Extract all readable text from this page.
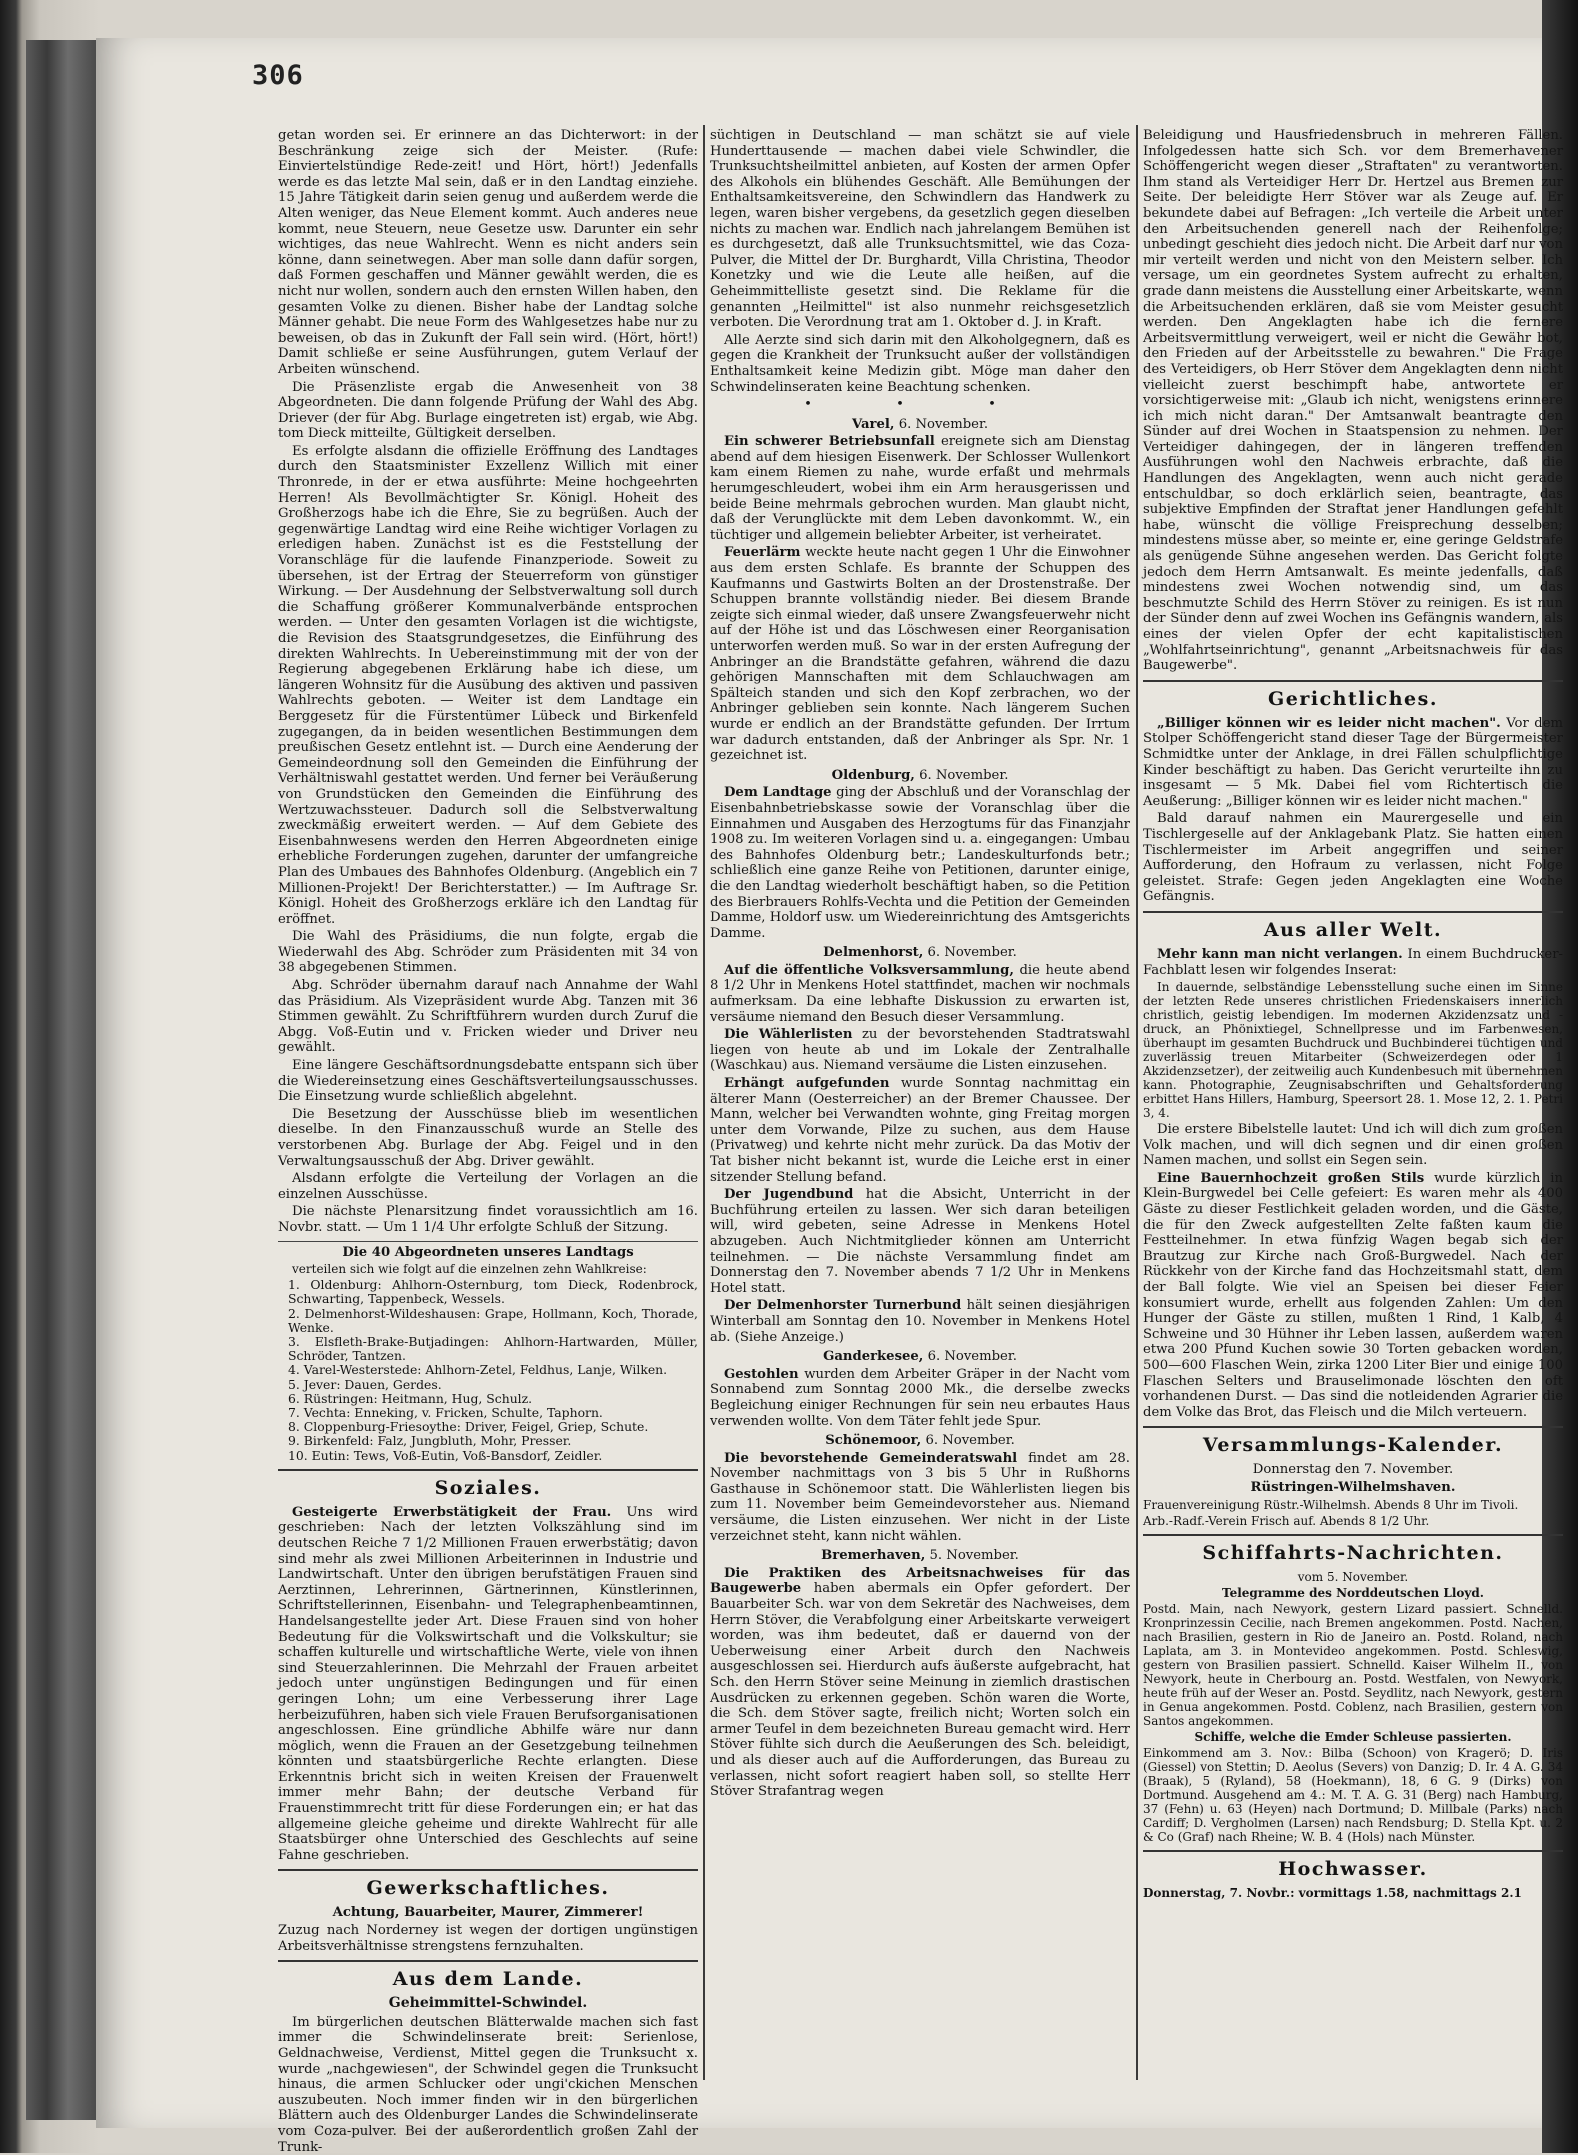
306

getan worden sei. Er erinnere an das Dichterwort: in der Beschränkung zeige sich der Meister. (Rufe: Einviertelstündige Rede-zeit! und Hört, hört!) Jedenfalls werde es das letzte Mal sein, daß er in den Landtag einziehe. 15 Jahre Tätigkeit darin seien genug und außerdem werde die Alten weniger, das Neue Element kommt. Auch anderes neue kommt, neue Steuern, neue Gesetze usw. Darunter ein sehr wichtiges, das neue Wahlrecht. Wenn es nicht anders sein könne, dann seinetwegen. Aber man solle dann dafür sorgen, daß Formen geschaffen und Männer gewählt werden, die es nicht nur wollen, sondern auch den ernsten Willen haben, den gesamten Volke zu dienen. Bisher habe der Landtag solche Männer gehabt. Die neue Form des Wahlgesetzes habe nur zu beweisen, ob das in Zukunft der Fall sein wird. (Hört, hört!) Damit schließe er seine Ausführungen, gutem Verlauf der Arbeiten wünschend.

Die Präsenzliste ergab die Anwesenheit von 38 Abgeordneten. Die dann folgende Prüfung der Wahl des Abg. Driever (der für Abg. Burlage eingetreten ist) ergab, wie Abg. tom Dieck mitteilte, Gültigkeit derselben.

Es erfolgte alsdann die offizielle Eröffnung des Landtages durch den Staatsminister Exzellenz Willich mit einer Thronrede, in der er etwa ausführte: Meine hochgeehrten Herren! Als Bevollmächtigter Sr. Königl. Hoheit des Großherzogs habe ich die Ehre, Sie zu begrüßen. Auch der gegenwärtige Landtag wird eine Reihe wichtiger Vorlagen zu erledigen haben. Zunächst ist es die Feststellung der Voranschläge für die laufende Finanzperiode. Soweit zu übersehen, ist der Ertrag der Steuerreform von günstiger Wirkung. — Der Ausdehnung der Selbstverwaltung soll durch die Schaffung größerer Kommunalverbände entsprochen werden. — Unter den gesamten Vorlagen ist die wichtigste, die Revision des Staatsgrundgesetzes, die Einführung des direkten Wahlrechts. In Uebereinstimmung mit der von der Regierung abgegebenen Erklärung habe ich diese, um längeren Wohnsitz für die Ausübung des aktiven und passiven Wahlrechts geboten. — Weiter ist dem Landtage ein Berggesetz für die Fürstentümer Lübeck und Birkenfeld zugegangen, da in beiden wesentlichen Bestimmungen dem preußischen Gesetz entlehnt ist. — Durch eine Aenderung der Gemeindeordnung soll den Gemeinden die Einführung der Verhältniswahl gestattet werden. Und ferner bei Veräußerung von Grundstücken den Gemeinden die Einführung des Wertzuwachssteuer. Dadurch soll die Selbstverwaltung zweckmäßig erweitert werden. — Auf dem Gebiete des Eisenbahnwesens werden den Herren Abgeordneten einige erhebliche Forderungen zugehen, darunter der umfangreiche Plan des Umbaues des Bahnhofes Oldenburg. (Angeblich ein 7 Millionen-Projekt! Der Berichterstatter.) — Im Auftrage Sr. Königl. Hoheit des Großherzogs erkläre ich den Landtag für eröffnet.

Die Wahl des Präsidiums, die nun folgte, ergab die Wiederwahl des Abg. Schröder zum Präsidenten mit 34 von 38 abgegebenen Stimmen.

Abg. Schröder übernahm darauf nach Annahme der Wahl das Präsidium. Als Vizepräsident wurde Abg. Tanzen mit 36 Stimmen gewählt. Zu Schriftführern wurden durch Zuruf die Abgg. Voß-Eutin und v. Fricken wieder und Driver neu gewählt.

Eine längere Geschäftsordnungsdebatte entspann sich über die Wiedereinsetzung eines Geschäftsverteilungsausschusses. Die Einsetzung wurde schließlich abgelehnt.

Die Besetzung der Ausschüsse blieb im wesentlichen dieselbe. In den Finanzausschuß wurde an Stelle des verstorbenen Abg. Burlage der Abg. Feigel und in den Verwaltungsausschuß der Abg. Driver gewählt.

Alsdann erfolgte die Verteilung der Vorlagen an die einzelnen Ausschüsse.

Die nächste Plenarsitzung findet voraussichtlich am 16. Novbr. statt. — Um 1 1/4 Uhr erfolgte Schluß der Sitzung.

Die 40 Abgeordneten unseres Landtags

verteilen sich wie folgt auf die einzelnen zehn Wahlkreise:

1. Oldenburg: Ahlhorn-Osternburg, tom Dieck, Rodenbrock, Schwarting, Tappenbeck, Wessels.
2. Delmenhorst-Wildeshausen: Grape, Hollmann, Koch, Thorade, Wenke.
3. Elsfleth-Brake-Butjadingen: Ahlhorn-Hartwarden, Müller, Schröder, Tantzen.
4. Varel-Westerstede: Ahlhorn-Zetel, Feldhus, Lanje, Wilken.
5. Jever: Dauen, Gerdes.
6. Rüstringen: Heitmann, Hug, Schulz.
7. Vechta: Enneking, v. Fricken, Schulte, Taphorn.
8. Cloppenburg-Friesoythe: Driver, Feigel, Griep, Schute.
9. Birkenfeld: Falz, Jungbluth, Mohr, Presser.
10. Eutin: Tews, Voß-Eutin, Voß-Bansdorf, Zeidler.
Soziales.

Gesteigerte Erwerbstätigkeit der Frau. Uns wird geschrieben: Nach der letzten Volkszählung sind im deutschen Reiche 7 1/2 Millionen Frauen erwerbstätig; davon sind mehr als zwei Millionen Arbeiterinnen in Industrie und Landwirtschaft. Unter den übrigen berufstätigen Frauen sind Aerztinnen, Lehrerinnen, Gärtnerinnen, Künstlerinnen, Schriftstellerinnen, Eisenbahn- und Telegraphenbeamtinnen, Handelsangestellte jeder Art. Diese Frauen sind von hoher Bedeutung für die Volkswirtschaft und die Volkskultur; sie schaffen kulturelle und wirtschaftliche Werte, viele von ihnen sind Steuerzahlerinnen. Die Mehrzahl der Frauen arbeitet jedoch unter ungünstigen Bedingungen und für einen geringen Lohn; um eine Verbesserung ihrer Lage herbeizuführen, haben sich viele Frauen Berufsorganisationen angeschlossen. Eine gründliche Abhilfe wäre nur dann möglich, wenn die Frauen an der Gesetzgebung teilnehmen könnten und staatsbürgerliche Rechte erlangten. Diese Erkenntnis bricht sich in weiten Kreisen der Frauenwelt immer mehr Bahn; der deutsche Verband für Frauenstimmrecht tritt für diese Forderungen ein; er hat das allgemeine gleiche geheime und direkte Wahlrecht für alle Staatsbürger ohne Unterschied des Geschlechts auf seine Fahne geschrieben.

Gewerkschaftliches.

Achtung, Bauarbeiter, Maurer, Zimmerer!

Zuzug nach Norderney ist wegen der dortigen ungünstigen Arbeitsverhältnisse strengstens fernzuhalten.

Aus dem Lande.

Geheimmittel-Schwindel.

Im bürgerlichen deutschen Blätterwalde machen sich fast immer die Schwindelinserate breit: Serienlose, Geldnachweise, Verdienst, Mittel gegen die Trunksucht x. wurde „nachgewiesen", der Schwindel gegen die Trunksucht hinaus, die armen Schlucker oder ungi'ckichen Menschen auszubeuten. Noch immer finden wir in den bürgerlichen Blättern auch des Oldenburger Landes die Schwindelinserate vom Coza-pulver. Bei der außerordentlich großen Zahl der Trunk-

süchtigen in Deutschland — man schätzt sie auf viele Hunderttausende — machen dabei viele Schwindler, die Trunksuchtsheilmittel anbieten, auf Kosten der armen Opfer des Alkohols ein blühendes Geschäft. Alle Bemühungen der Enthaltsamkeitsvereine, den Schwindlern das Handwerk zu legen, waren bisher vergebens, da gesetzlich gegen dieselben nichts zu machen war. Endlich nach jahrelangem Bemühen ist es durchgesetzt, daß alle Trunksuchtsmittel, wie das Coza-Pulver, die Mittel der Dr. Burghardt, Villa Christina, Theodor Konetzky und wie die Leute alle heißen, auf die Geheimmittelliste gesetzt sind. Die Reklame für die genannten „Heilmittel" ist also nunmehr reichsgesetzlich verboten. Die Verordnung trat am 1. Oktober d. J. in Kraft.

Alle Aerzte sind sich darin mit den Alkoholgegnern, daß es gegen die Krankheit der Trunksucht außer der vollständigen Enthaltsamkeit keine Medizin gibt. Möge man daher den Schwindelinseraten keine Beachtung schenken.

• • •

Varel, 6. November.

Ein schwerer Betriebsunfall ereignete sich am Dienstag abend auf dem hiesigen Eisenwerk. Der Schlosser Wullenkort kam einem Riemen zu nahe, wurde erfaßt und mehrmals herumgeschleudert, wobei ihm ein Arm herausgerissen und beide Beine mehrmals gebrochen wurden. Man glaubt nicht, daß der Verunglückte mit dem Leben davonkommt. W., ein tüchtiger und allgemein beliebter Arbeiter, ist verheiratet.

Feuerlärm weckte heute nacht gegen 1 Uhr die Einwohner aus dem ersten Schlafe. Es brannte der Schuppen des Kaufmanns und Gastwirts Bolten an der Drostenstraße. Der Schuppen brannte vollständig nieder. Bei diesem Brande zeigte sich einmal wieder, daß unsere Zwangsfeuerwehr nicht auf der Höhe ist und das Löschwesen einer Reorganisation unterworfen werden muß. So war in der ersten Aufregung der Anbringer an die Brandstätte gefahren, während die dazu gehörigen Mannschaften mit dem Schlauchwagen am Spälteich standen und sich den Kopf zerbrachen, wo der Anbringer geblieben sein konnte. Nach längerem Suchen wurde er endlich an der Brandstätte gefunden. Der Irrtum war dadurch entstanden, daß der Anbringer als Spr. Nr. 1 gezeichnet ist.

Oldenburg, 6. November.

Dem Landtage ging der Abschluß und der Voranschlag der Eisenbahnbetriebskasse sowie der Voranschlag über die Einnahmen und Ausgaben des Herzogtums für das Finanzjahr 1908 zu. Im weiteren Vorlagen sind u. a. eingegangen: Umbau des Bahnhofes Oldenburg betr.; Landeskulturfonds betr.; schließlich eine ganze Reihe von Petitionen, darunter einige, die den Landtag wiederholt beschäftigt haben, so die Petition des Bierbrauers Rohlfs-Vechta und die Petition der Gemeinden Damme, Holdorf usw. um Wiedereinrichtung des Amtsgerichts Damme.

Delmenhorst, 6. November.

Auf die öffentliche Volksversammlung, die heute abend 8 1/2 Uhr in Menkens Hotel stattfindet, machen wir nochmals aufmerksam. Da eine lebhafte Diskussion zu erwarten ist, versäume niemand den Besuch dieser Versammlung.

Die Wählerlisten zu der bevorstehenden Stadtratswahl liegen von heute ab und im Lokale der Zentralhalle (Waschkau) aus. Niemand versäume die Listen einzusehen.

Erhängt aufgefunden wurde Sonntag nachmittag ein älterer Mann (Oesterreicher) an der Bremer Chaussee. Der Mann, welcher bei Verwandten wohnte, ging Freitag morgen unter dem Vorwande, Pilze zu suchen, aus dem Hause (Privatweg) und kehrte nicht mehr zurück. Da das Motiv der Tat bisher nicht bekannt ist, wurde die Leiche erst in einer sitzender Stellung befand.

Der Jugendbund hat die Absicht, Unterricht in der Buchführung erteilen zu lassen. Wer sich daran beteiligen will, wird gebeten, seine Adresse in Menkens Hotel abzugeben. Auch Nichtmitglieder können am Unterricht teilnehmen. — Die nächste Versammlung findet am Donnerstag den 7. November abends 7 1/2 Uhr in Menkens Hotel statt.

Der Delmenhorster Turnerbund hält seinen diesjährigen Winterball am Sonntag den 10. November in Menkens Hotel ab. (Siehe Anzeige.)

Ganderkesee, 6. November.

Gestohlen wurden dem Arbeiter Gräper in der Nacht vom Sonnabend zum Sonntag 2000 Mk., die derselbe zwecks Begleichung einiger Rechnungen für sein neu erbautes Haus verwenden wollte. Von dem Täter fehlt jede Spur.

Schönemoor, 6. November.

Die bevorstehende Gemeinderatswahl findet am 28. November nachmittags von 3 bis 5 Uhr in Rußhorns Gasthause in Schönemoor statt. Die Wählerlisten liegen bis zum 11. November beim Gemeindevorsteher aus. Niemand versäume, die Listen einzusehen. Wer nicht in der Liste verzeichnet steht, kann nicht wählen.

Bremerhaven, 5. November.

Die Praktiken des Arbeitsnachweises für das Baugewerbe haben abermals ein Opfer gefordert. Der Bauarbeiter Sch. war von dem Sekretär des Nachweises, dem Herrn Stöver, die Verabfolgung einer Arbeitskarte verweigert worden, was ihm bedeutet, daß er dauernd von der Ueberweisung einer Arbeit durch den Nachweis ausgeschlossen sei. Hierdurch aufs äußerste aufgebracht, hat Sch. den Herrn Stöver seine Meinung in ziemlich drastischen Ausdrücken zu erkennen gegeben. Schön waren die Worte, die Sch. dem Stöver sagte, freilich nicht; Worten solch ein armer Teufel in dem bezeichneten Bureau gemacht wird. Herr Stöver fühlte sich durch die Aeußerungen des Sch. beleidigt, und als dieser auch auf die Aufforderungen, das Bureau zu verlassen, nicht sofort reagiert haben soll, so stellte Herr Stöver Strafantrag wegen

Beleidigung und Hausfriedensbruch in mehreren Fällen. Infolgedessen hatte sich Sch. vor dem Bremerhavener Schöffengericht wegen dieser „Straftaten" zu verantworten. Ihm stand als Verteidiger Herr Dr. Hertzel aus Bremen zur Seite. Der beleidigte Herr Stöver war als Zeuge auf. Er bekundete dabei auf Befragen: „Ich verteile die Arbeit unter den Arbeitsuchenden generell nach der Reihenfolge; unbedingt geschieht dies jedoch nicht. Die Arbeit darf nur von mir verteilt werden und nicht von den Meistern selber. Ich versage, um ein geordnetes System aufrecht zu erhalten, grade dann meistens die Ausstellung einer Arbeitskarte, wenn die Arbeitsuchenden erklären, daß sie vom Meister gesucht werden. Den Angeklagten habe ich die fernere Arbeitsvermittlung verweigert, weil er nicht die Gewähr bot, den Frieden auf der Arbeitsstelle zu bewahren." Die Frage des Verteidigers, ob Herr Stöver dem Angeklagten denn nicht vielleicht zuerst beschimpft habe, antwortete er vorsichtigerweise mit: „Glaub ich nicht, wenigstens erinnere ich mich nicht daran." Der Amtsanwalt beantragte den Sünder auf drei Wochen in Staatspension zu nehmen. Der Verteidiger dahingegen, der in längeren treffenden Ausführungen wohl den Nachweis erbrachte, daß die Handlungen des Angeklagten, wenn auch nicht gerade entschuldbar, so doch erklärlich seien, beantragte, das subjektive Empfinden der Straftat jener Handlungen gefehlt habe, wünscht die völlige Freisprechung desselben; mindestens müsse aber, so meinte er, eine geringe Geldstrafe als genügende Sühne angesehen werden. Das Gericht folgte jedoch dem Herrn Amtsanwalt. Es meinte jedenfalls, daß mindestens zwei Wochen notwendig sind, um das beschmutzte Schild des Herrn Stöver zu reinigen. Es ist nun der Sünder denn auf zwei Wochen ins Gefängnis wandern, als eines der vielen Opfer der echt kapitalistischen „Wohlfahrtseinrichtung", genannt „Arbeitsnachweis für das Baugewerbe".

Gerichtliches.

„Billiger können wir es leider nicht machen". Vor dem Stolper Schöffengericht stand dieser Tage der Bürgermeister Schmidtke unter der Anklage, in drei Fällen schulpflichtige Kinder beschäftigt zu haben. Das Gericht verurteilte ihn zu insgesamt — 5 Mk. Dabei fiel vom Richtertisch die Aeußerung: „Billiger können wir es leider nicht machen."

Bald darauf nahmen ein Maurergeselle und ein Tischlergeselle auf der Anklagebank Platz. Sie hatten einen Tischlermeister im Arbeit angegriffen und seiner Aufforderung, den Hofraum zu verlassen, nicht Folge geleistet. Strafe: Gegen jeden Angeklagten eine Woche Gefängnis.

Aus aller Welt.

Mehr kann man nicht verlangen. In einem Buchdrucker-Fachblatt lesen wir folgendes Inserat:

In dauernde, selbständige Lebensstellung suche einen im Sinne der letzten Rede unseres christlichen Friedenskaisers innerlich christlich, geistig lebendigen. Im modernen Akzidenzsatz und -druck, an Phönixtiegel, Schnellpresse und im Farbenwesen, überhaupt im gesamten Buchdruck und Buchbinderei tüchtigen und zuverlässig treuen Mitarbeiter (Schweizerdegen oder 1 Akzidenzsetzer), der zeitweilig auch Kundenbesuch mit übernehmen kann. Photographie, Zeugnisabschriften und Gehaltsforderung erbittet Hans Hillers, Hamburg, Speersort 28. 1. Mose 12, 2. 1. Petri 3, 4.

Die erstere Bibelstelle lautet: Und ich will dich zum großen Volk machen, und will dich segnen und dir einen großen Namen machen, und sollst ein Segen sein.

Eine Bauernhochzeit großen Stils wurde kürzlich in Klein-Burgwedel bei Celle gefeiert: Es waren mehr als 400 Gäste zu dieser Festlichkeit geladen worden, und die Gäste, die für den Zweck aufgestellten Zelte faßten kaum die Festteilnehmer. In etwa fünfzig Wagen begab sich der Brautzug zur Kirche nach Groß-Burgwedel. Nach der Rückkehr von der Kirche fand das Hochzeitsmahl statt, dem der Ball folgte. Wie viel an Speisen bei dieser Feier konsumiert wurde, erhellt aus folgenden Zahlen: Um den Hunger der Gäste zu stillen, mußten 1 Rind, 1 Kalb, 4 Schweine und 30 Hühner ihr Leben lassen, außerdem waren etwa 200 Pfund Kuchen sowie 30 Torten gebacken worden, 500—600 Flaschen Wein, zirka 1200 Liter Bier und einige 100 Flaschen Selters und Brauselimonade löschten den oft vorhandenen Durst. — Das sind die notleidenden Agrarier die dem Volke das Brot, das Fleisch und die Milch verteuern.

Versammlungs-Kalender.

Donnerstag den 7. November.

Rüstringen-Wilhelmshaven.

Frauenvereinigung Rüstr.-Wilhelmsh. Abends 8 Uhr im Tivoli.

Arb.-Radf.-Verein Frisch auf. Abends 8 1/2 Uhr.

Schiffahrts-Nachrichten.

vom 5. November.

Telegramme des Norddeutschen Lloyd.

Postd. Main, nach Newyork, gestern Lizard passiert. Schnelld. Kronprinzessin Cecilie, nach Bremen angekommen. Postd. Nachen, nach Brasilien, gestern in Rio de Janeiro an. Postd. Roland, nach Laplata, am 3. in Montevideo angekommen. Postd. Schleswig, gestern von Brasilien passiert. Schnelld. Kaiser Wilhelm II., von Newyork, heute in Cherbourg an. Postd. Westfalen, von Newyork, heute früh auf der Weser an. Postd. Seydlitz, nach Newyork, gestern in Genua angekommen. Postd. Coblenz, nach Brasilien, gestern von Santos angekommen.

Schiffe, welche die Emder Schleuse passierten.

Einkommend am 3. Nov.: Bilba (Schoon) von Kragerö; D. Iris (Giessel) von Stettin; D. Aeolus (Severs) von Danzig; D. Ir. 4 A. G. 34 (Braak), 5 (Ryland), 58 (Hoekmann), 18, 6 G. 9 (Dirks) von Dortmund. Ausgehend am 4.: M. T. A. G. 31 (Berg) nach Hamburg, 37 (Fehn) u. 63 (Heyen) nach Dortmund; D. Millbale (Parks) nach Cardiff; D. Vergholmen (Larsen) nach Rendsburg; D. Stella Kpt. u. 2 & Co (Graf) nach Rheine; W. B. 4 (Hols) nach Münster.

Hochwasser.

Donnerstag, 7. Novbr.: vormittags 1.58, nachmittags 2.1
